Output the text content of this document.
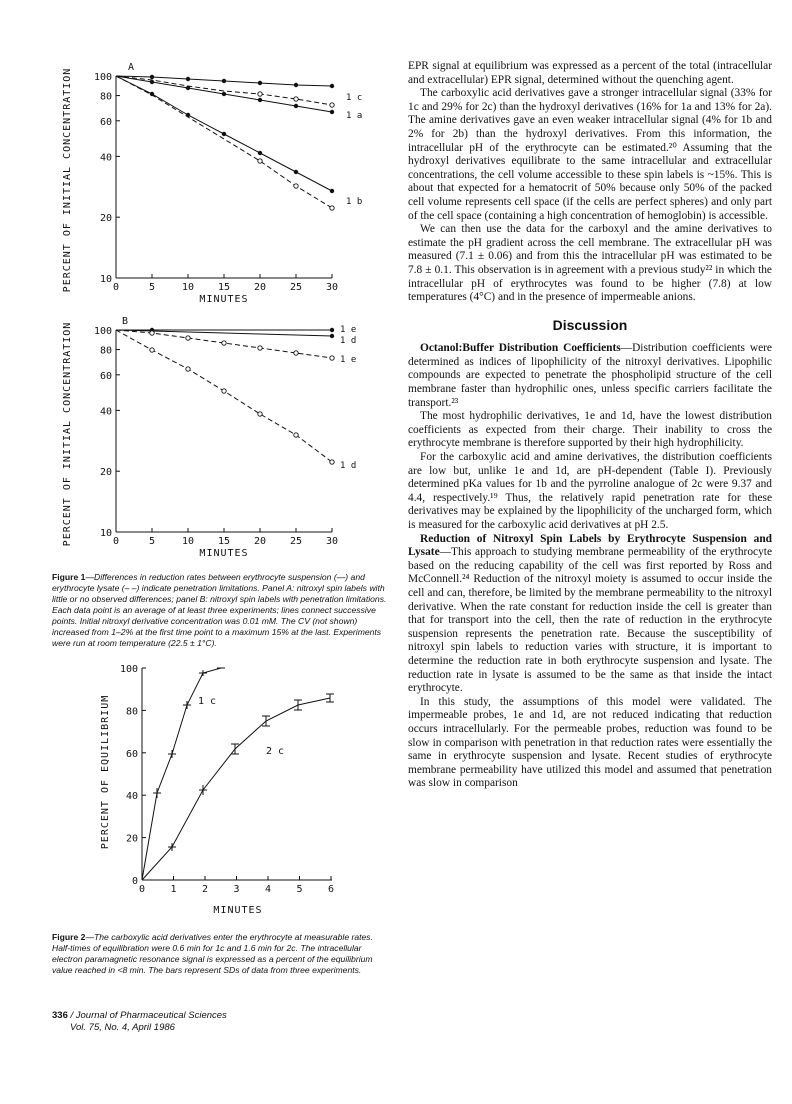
A
PERCENT OF INITIAL CONCENTRATION	10
20
40
60
80
100
0	5	10 15 20 25 30
MINUTES
1 c
1 a
1 b
B
PERCENT OF INITIAL CONCENTRATION	10
20
40
60
80
100
0	5	10 15 20 25 30
MINUTES
1 e
1 d
1 e
1 d

Figure 1—Differences in reduction rates between erythrocyte suspension (—) and erythrocyte lysate (– –) indicate penetration limitations. Panel A: nitroxyl spin labels with little or no observed differences; panel B: nitroxyl spin labels with penetration limitations. Each data point is an average of at least three experiments; lines connect successive points. Initial nitroxyl derivative concentration was 0.01 mM. The CV (not shown) increased from 1–2% at the first time point to a maximum 15% at the last. Experiments were run at room temperature (22.5 ± 1°C).

PERCENT OF EQUILIBRIUM
0
20
40
60
80
100
0	1	2	3	4	5	6
MINUTES
1 c
2 c

Figure 2—The carboxylic acid derivatives enter the erythrocyte at measurable rates. Half-times of equilibration were 0.6 min for 1c and 1.6 min for 2c. The intracellular electron paramagnetic resonance signal is expressed as a percent of the equilibrium value reached in <8 min. The bars represent SDs of data from three experiments.

EPR signal at equilibrium was expressed as a percent of the total (intracellular and extracellular) EPR signal, determined without the quenching agent.

The carboxylic acid derivatives gave a stronger intracellular signal (33% for 1c and 29% for 2c) than the hydroxyl derivatives (16% for 1a and 13% for 2a). The amine derivatives gave an even weaker intracellular signal (4% for 1b and 2% for 2b) than the hydroxyl derivatives. From this information, the intracellular pH of the erythrocyte can be estimated.²⁰ Assuming that the hydroxyl derivatives equilibrate to the same intracellular and extracellular concentrations, the cell volume accessible to these spin labels is ~15%. This is about that expected for a hematocrit of 50% because only 50% of the packed cell volume represents cell space (if the cells are perfect spheres) and only part of the cell space (containing a high concentration of hemoglobin) is accessible.

We can then use the data for the carboxyl and the amine derivatives to estimate the pH gradient across the cell membrane. The extracellular pH was measured (7.1 ± 0.06) and from this the intracellular pH was estimated to be 7.8 ± 0.1. This observation is in agreement with a previous study²² in which the intracellular pH of erythrocytes was found to be higher (7.8) at low temperatures (4°C) and in the presence of impermeable anions.

Discussion

Octanol:Buffer Distribution Coefficients—Distribution coefficients were determined as indices of lipophilicity of the nitroxyl derivatives. Lipophilic compounds are expected to penetrate the phospholipid structure of the cell membrane faster than hydrophilic ones, unless specific carriers facilitate the transport.²³

The most hydrophilic derivatives, 1e and 1d, have the lowest distribution coefficients as expected from their charge. Their inability to cross the erythrocyte membrane is therefore supported by their high hydrophilicity.

For the carboxylic acid and amine derivatives, the distribution coefficients are low but, unlike 1e and 1d, are pH-dependent (Table I). Previously determined pKa values for 1b and the pyrroline analogue of 2c were 9.37 and 4.4, respectively.¹⁹ Thus, the relatively rapid penetration rate for these derivatives may be explained by the lipophilicity of the uncharged form, which is measured for the carboxylic acid derivatives at pH 2.5.

Reduction of Nitroxyl Spin Labels by Erythrocyte Suspension and Lysate—This approach to studying membrane permeability of the erythrocyte based on the reducing capability of the cell was first reported by Ross and McConnell.²⁴ Reduction of the nitroxyl moiety is assumed to occur inside the cell and can, therefore, be limited by the membrane permeability to the nitroxyl derivative. When the rate constant for reduction inside the cell is greater than that for transport into the cell, then the rate of reduction in the erythrocyte suspension represents the penetration rate. Because the susceptibility of nitroxyl spin labels to reduction varies with structure, it is important to determine the reduction rate in both erythrocyte suspension and lysate. The reduction rate in lysate is assumed to be the same as that inside the intact erythrocyte.

In this study, the assumptions of this model were validated. The impermeable probes, 1e and 1d, are not reduced indicating that reduction occurs intracellularly. For the permeable probes, reduction was found to be slow in comparison with penetration in that reduction rates were essentially the same in erythrocyte suspension and lysate. Recent studies of erythrocyte membrane permeability have utilized this model and assumed that penetration was slow in comparison

336 / Journal of Pharmaceutical Sciences
Vol. 75, No. 4, April 1986
